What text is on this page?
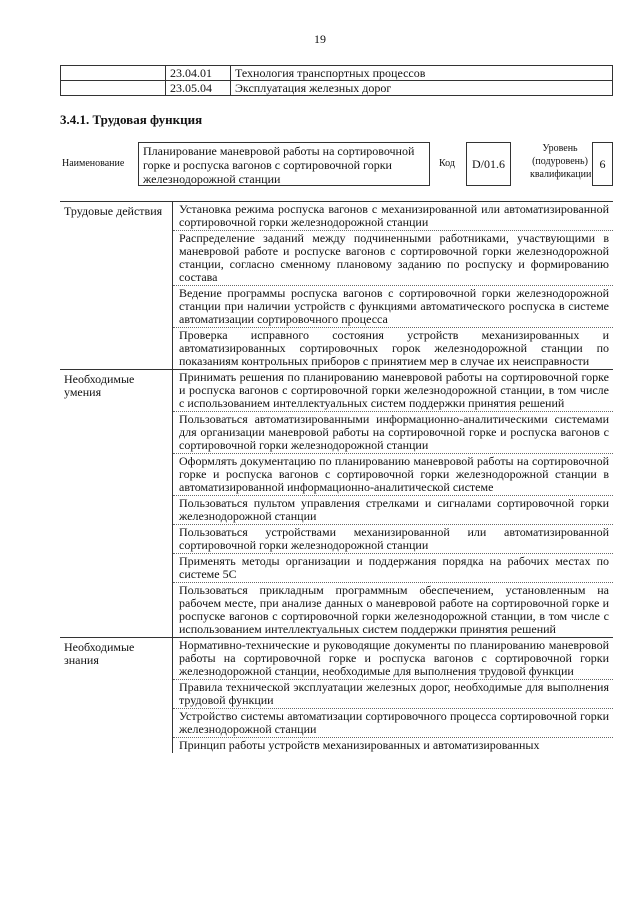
19
	23.04.01	Технология транспортных процессов
	23.05.04	Эксплуатация железных дорог
3.4.1. Трудовая функция
Наименование
Планирование маневровой работы на сортировочной горке и роспуска вагонов с сортировочной горки железнодорожной станции
Код	D/01.6
Уровень (подуровень) квалификации
6
Трудовые действия	Установка режима роспуска вагонов с механизированной или автоматизированной сортировочной горки железнодорожной станции
	Распределение заданий между подчиненными работниками, участвующими в маневровой работе и роспуске вагонов с сортировочной горки железнодорожной станции, согласно сменному плановому заданию по роспуску и формированию состава
	Ведение программы роспуска вагонов с сортировочной горки железнодорожной станции при наличии устройств с функциями автоматического роспуска в системе автоматизации сортировочного процесса
	Проверка исправного состояния устройств механизированных и автоматизированных сортировочных горок железнодорожной станции по показаниям контрольных приборов с принятием мер в случае их неисправности
Необходимые умения	Принимать решения по планированию маневровой работы на сортировочной горке и роспуска вагонов с сортировочной горки железнодорожной станции, в том числе с использованием интеллектуальных систем поддержки принятия решений
	Пользоваться автоматизированными информационно-аналитическими системами для организации маневровой работы на сортировочной горке и роспуска вагонов с сортировочной горки железнодорожной станции
	Оформлять документацию по планированию маневровой работы на сортировочной горке и роспуска вагонов с сортировочной горки железнодорожной станции в автоматизированной информационно-аналитической системе
	Пользоваться пультом управления стрелками и сигналами сортировочной горки железнодорожной станции
	Пользоваться устройствами механизированной или автоматизированной сортировочной горки железнодорожной станции
	Применять методы организации и поддержания порядка на рабочих местах по системе 5С
	Пользоваться прикладным программным обеспечением, установленным на рабочем месте, при анализе данных о маневровой работе на сортировочной горке и роспуске вагонов с сортировочной горки железнодорожной станции, в том числе с использованием интеллектуальных систем поддержки принятия решений
Необходимые знания	Нормативно-технические и руководящие документы по планированию маневровой работы на сортировочной горке и роспуска вагонов с сортировочной горки железнодорожной станции, необходимые для выполнения трудовой функции
	Правила технической эксплуатации железных дорог, необходимые для выполнения трудовой функции
	Устройство системы автоматизации сортировочного процесса сортировочной горки железнодорожной станции
	Принцип работы устройств механизированных и автоматизированных
